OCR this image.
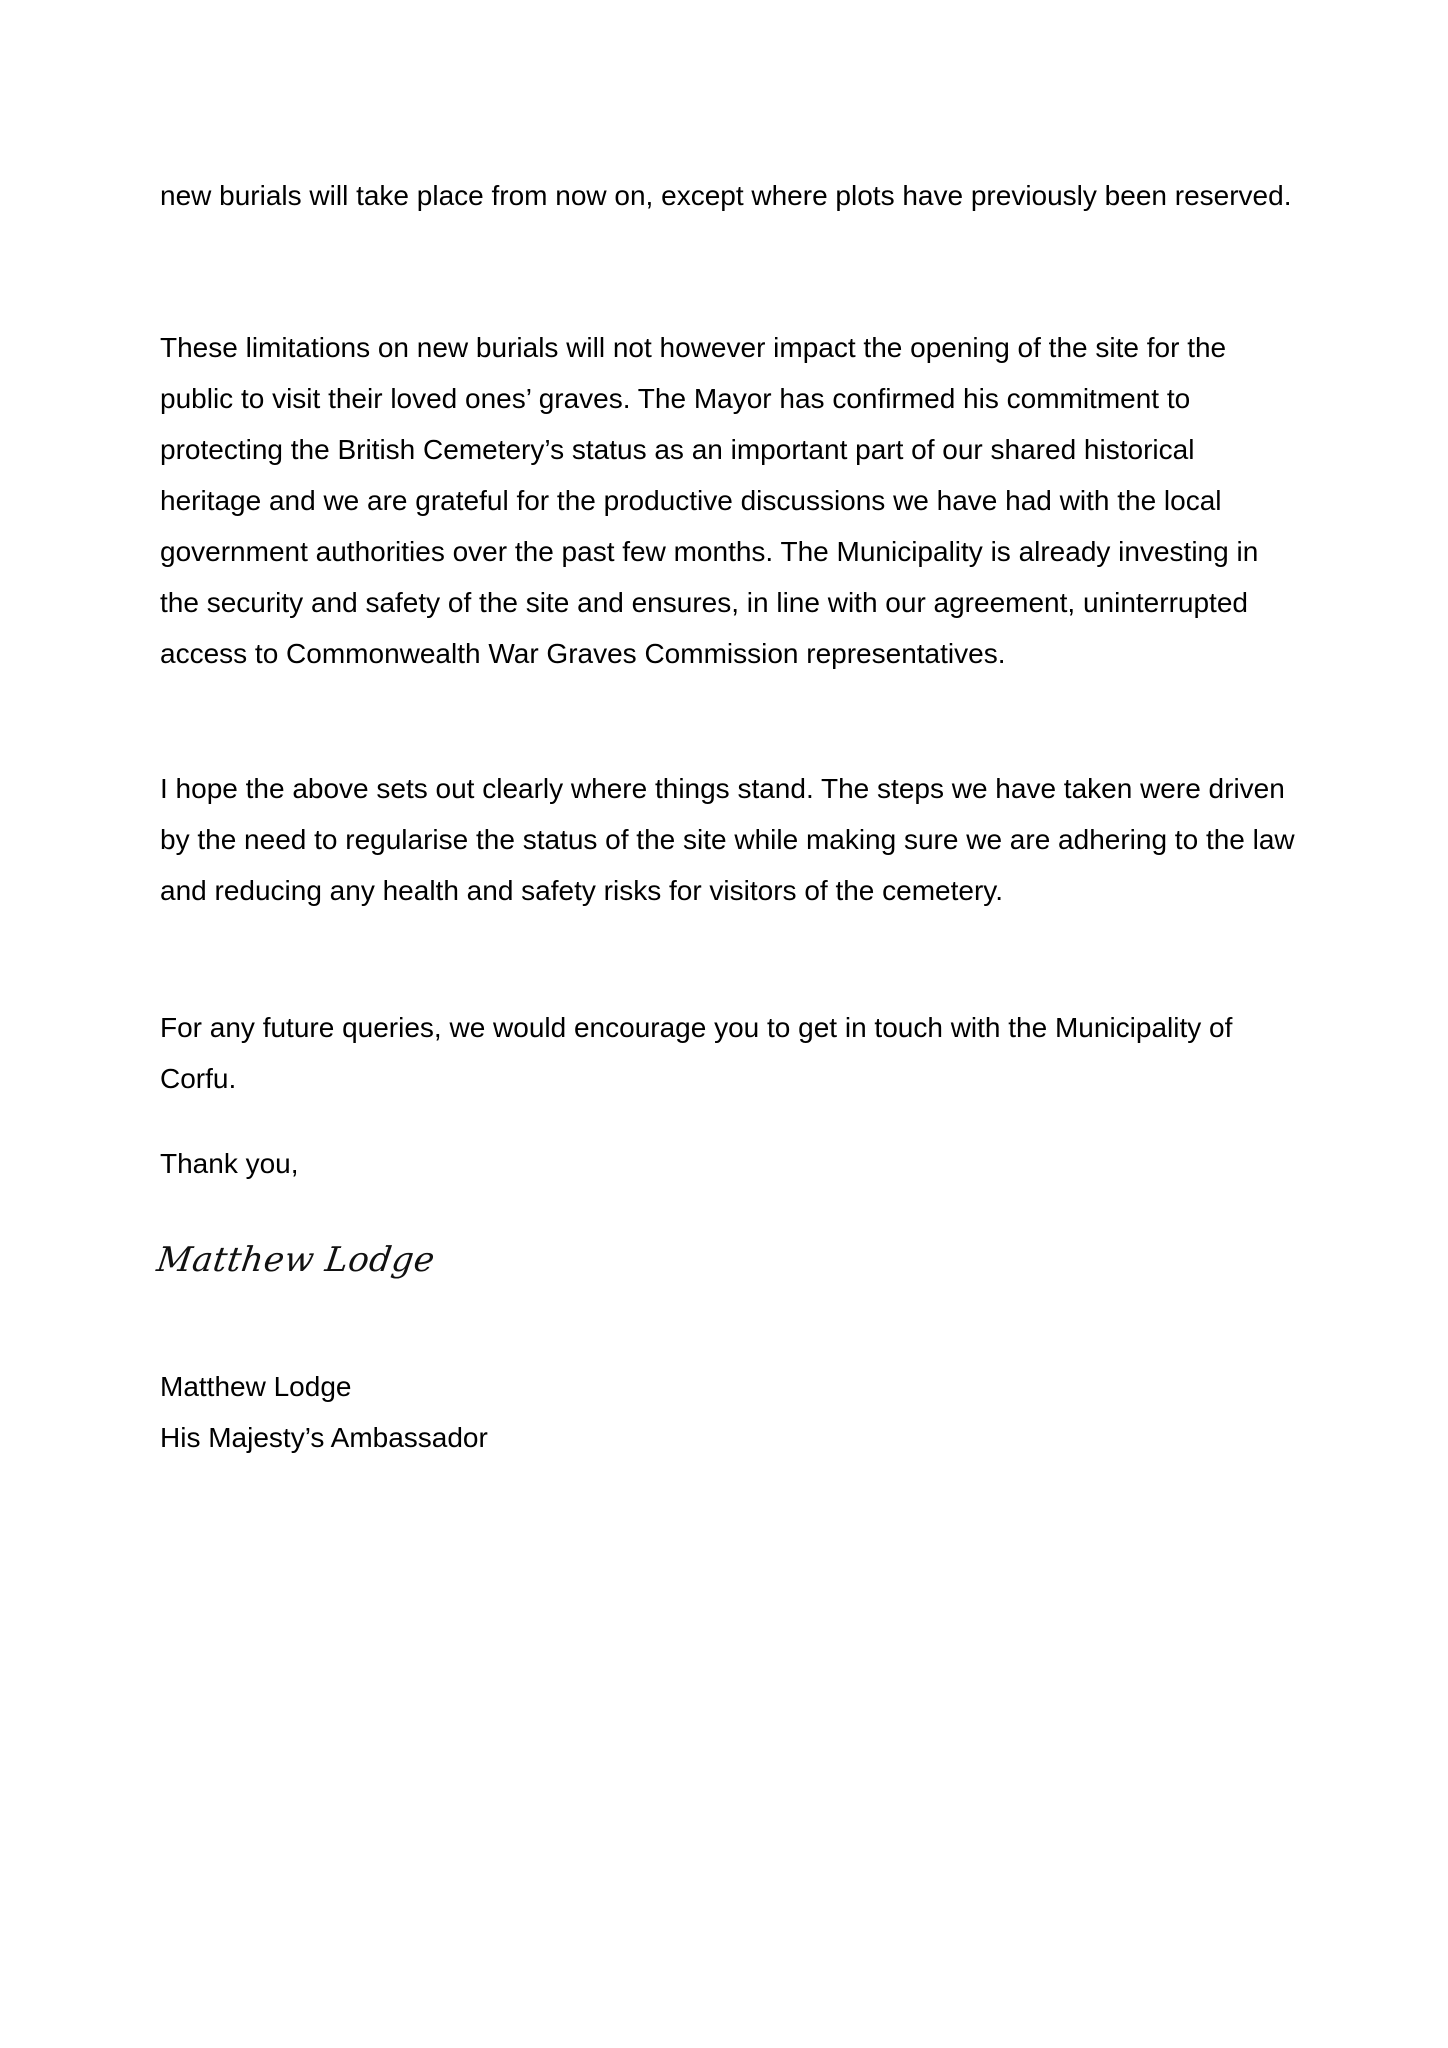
new burials will take place from now on, except where plots have previously been reserved.

These limitations on new burials will not however impact the opening of the site for the public to visit their loved ones’ graves. The Mayor has confirmed his commitment to protecting the British Cemetery’s status as an important part of our shared historical heritage and we are grateful for the productive discussions we have had with the local government authorities over the past few months. The Municipality is already investing in the security and safety of the site and ensures, in line with our agreement, uninterrupted access to Commonwealth War Graves Commission representatives.

I hope the above sets out clearly where things stand. The steps we have taken were driven by the need to regularise the status of the site while making sure we are adhering to the law and reducing any health and safety risks for visitors of the cemetery.

For any future queries, we would encourage you to get in touch with the Municipality of Corfu.

Thank you,

Matthew Lodge
Matthew Lodge
His Majesty’s Ambassador
